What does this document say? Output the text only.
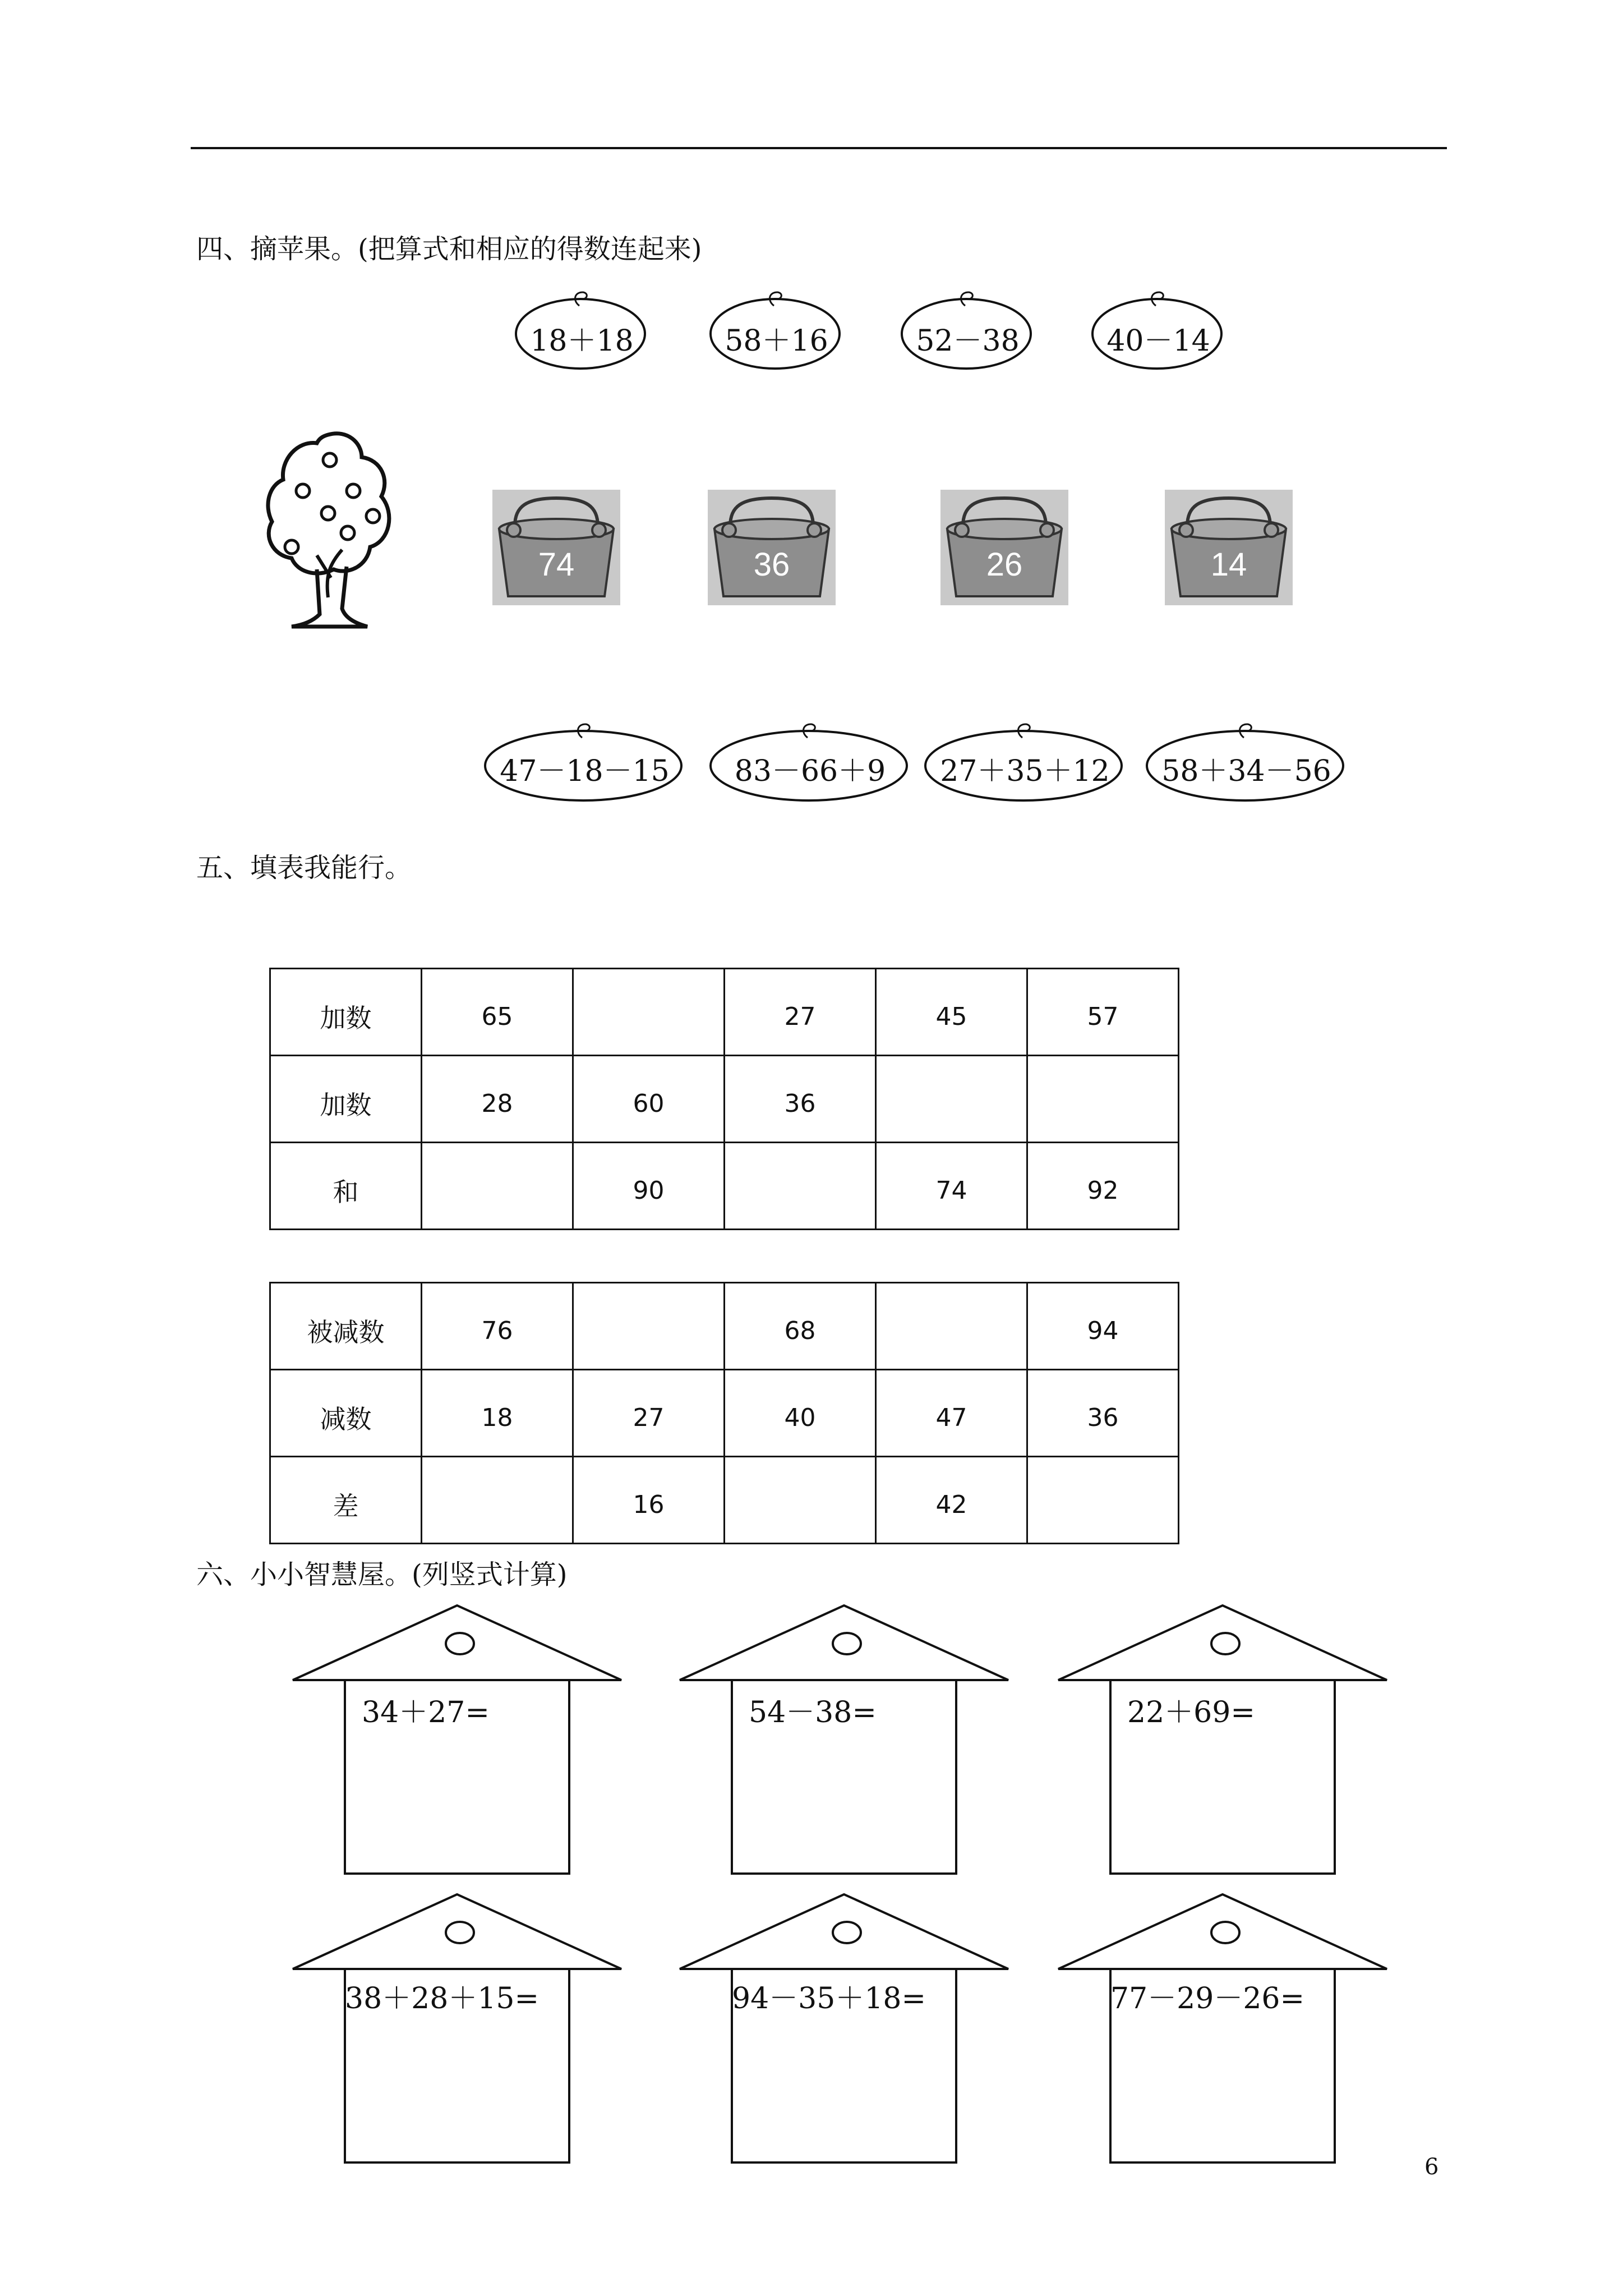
四、摘苹果。(把算式和相应的得数连起来)
18＋18	58＋16	52－38	40－14
74	36	26	14
47－18－15	83－66＋9	27＋35＋12	58＋34－56
五、填表我能行。
加数	65		27	45	57
加数	28	60	36		
和		90		74	92
被减数	76		68		94
减数	18	27	40	47	36
差		16		42	
六、小小智慧屋。(列竖式计算)
34＋27=	54－38=	22＋69=
38＋28＋15=	94－35＋18=	77－29－26=
6
